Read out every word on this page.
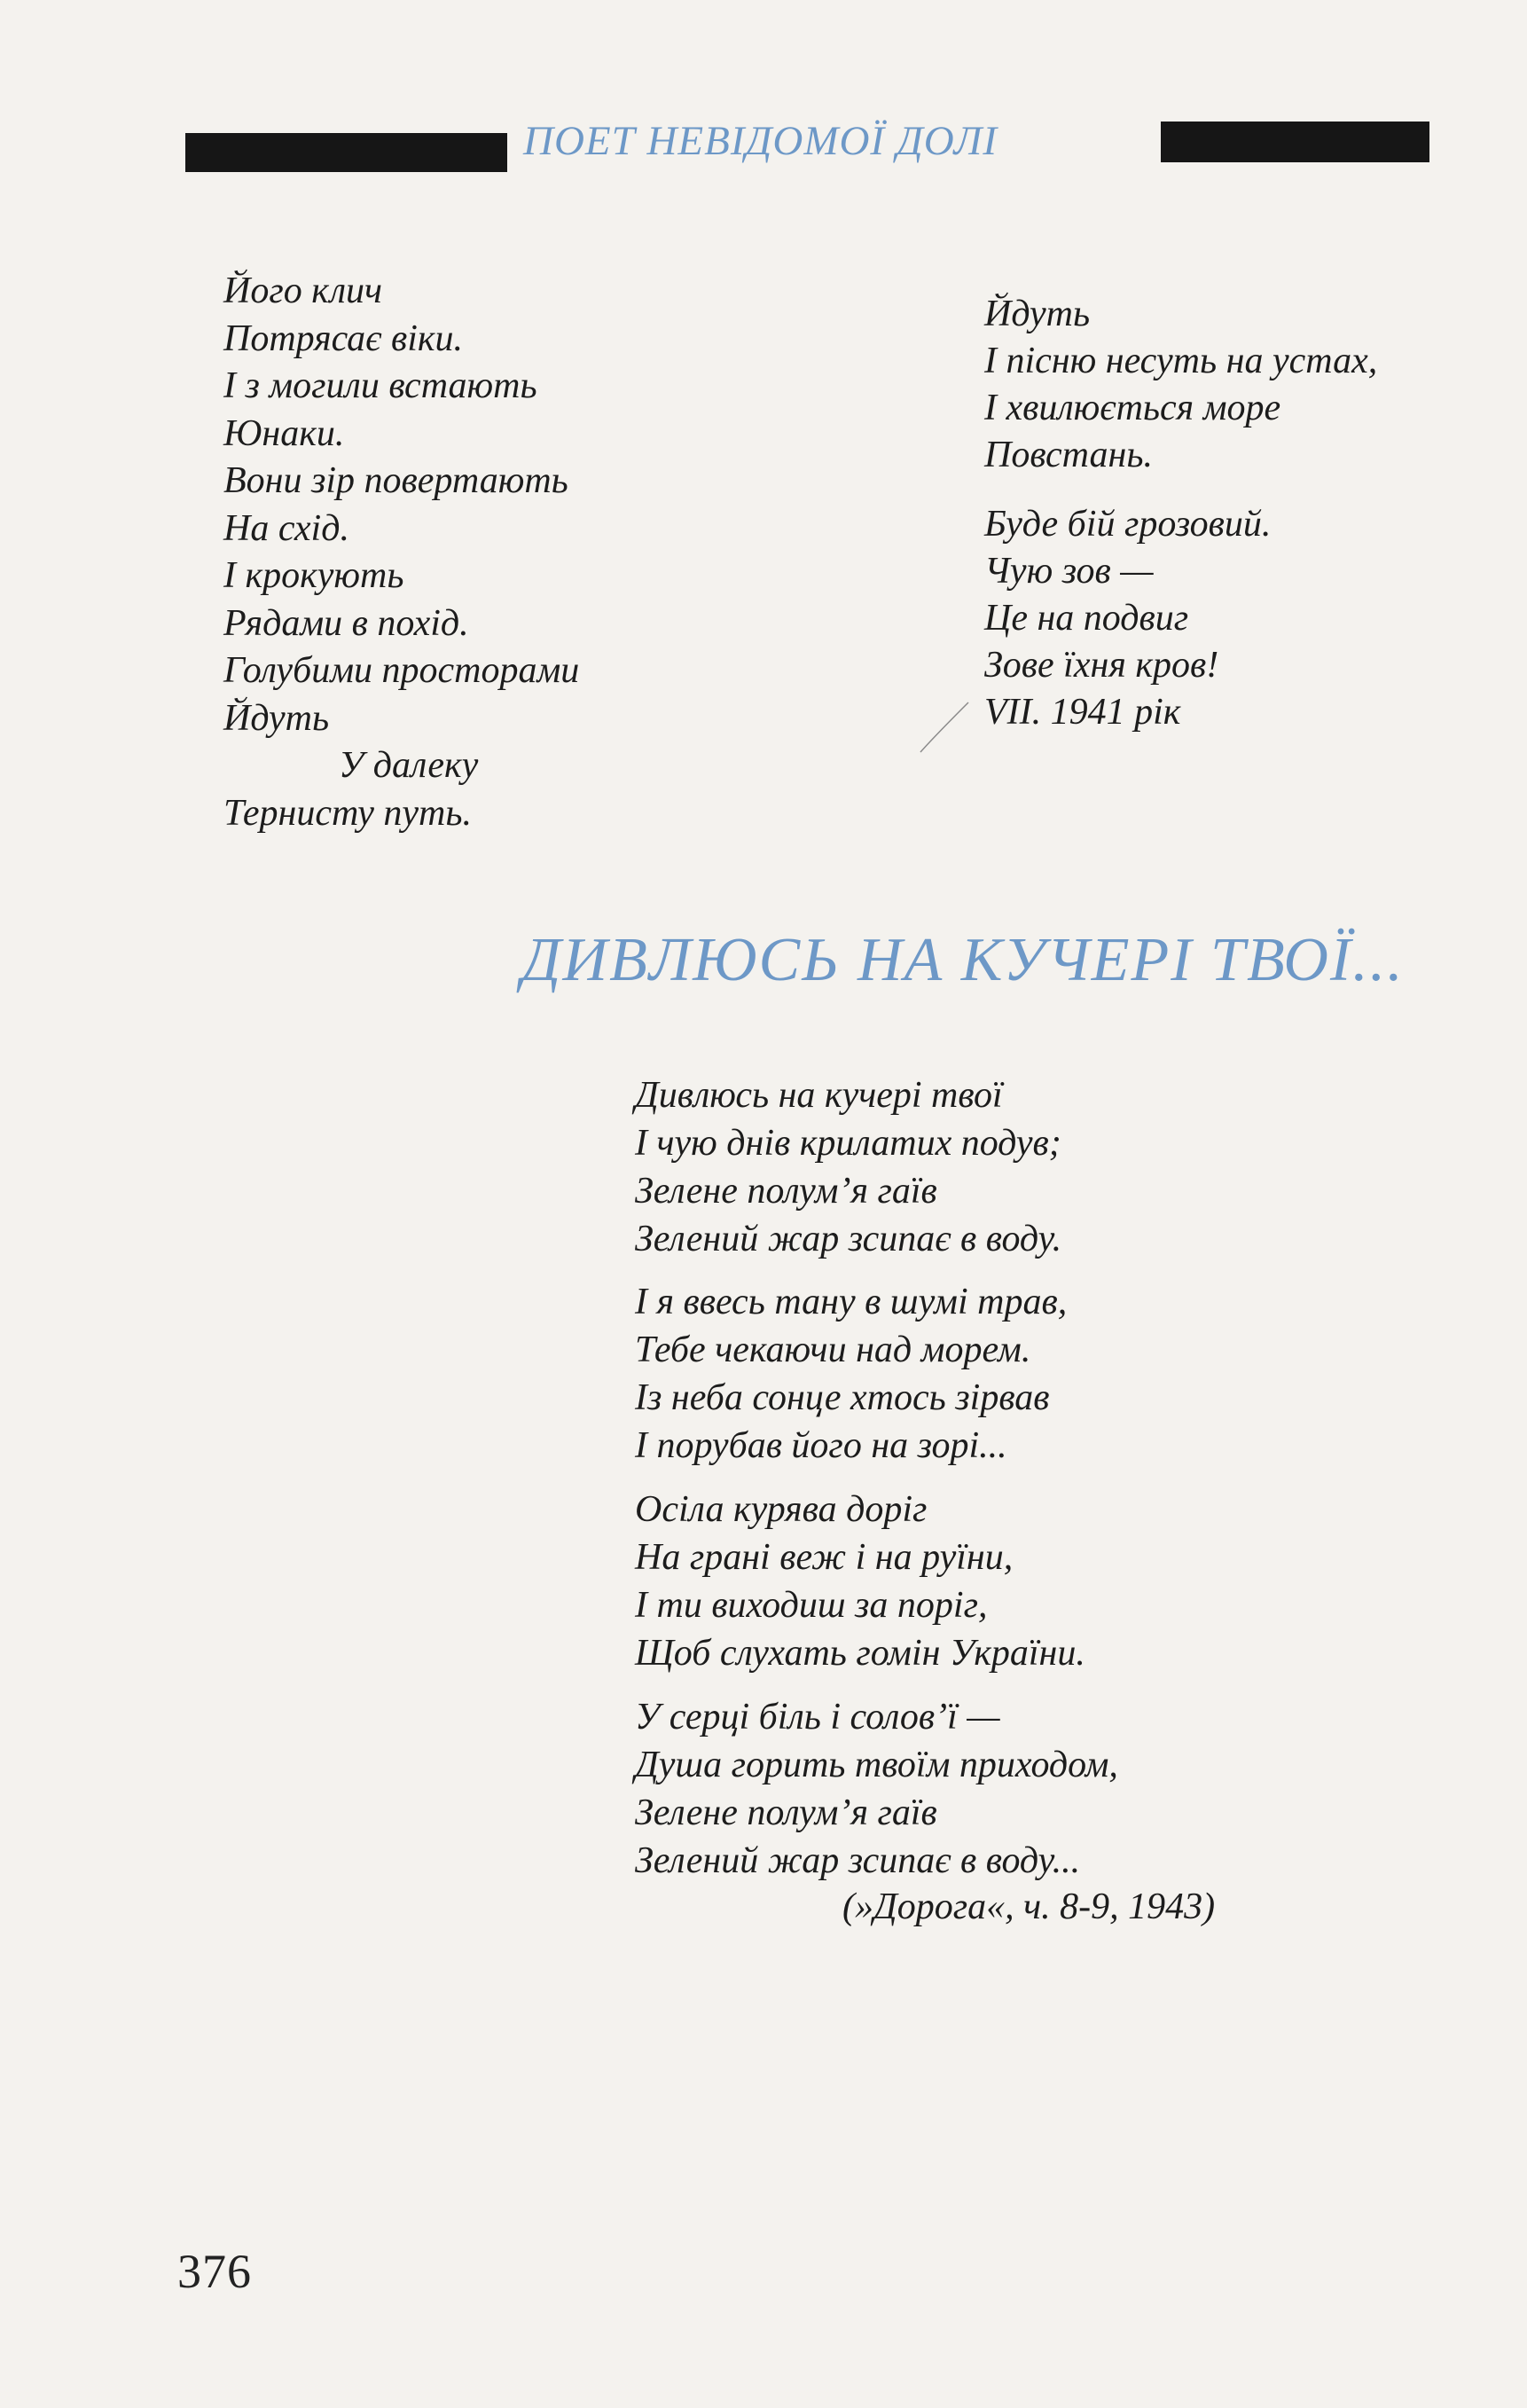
ПОЕТ НЕВІДОМОЇ ДОЛІ
Його клич
Потрясає віки.
І з могили встають
Юнаки.
Вони зір повертають
На схід.
І крокують
Рядами в похід.
Голубими просторами
Йдуть
У далеку
Тернисту путь.
Йдуть
І пісню несуть на устах,
І хвилюється море
Повстань.
Буде бій грозовий.
Чую зов —
Це на подвиг
Зове їхня кров!
VII. 1941 рік
ДИВЛЮСЬ НА КУЧЕРІ ТВОЇ...
Дивлюсь на кучері твої
І чую днів крилатих подув;
Зелене полум’я гаїв
Зелений жар зсипає в воду.
І я ввесь тану в шумі трав,
Тебе чекаючи над морем.
Із неба сонце хтось зірвав
І порубав його на зорі...
Осіла курява доріг
На грані веж і на руїни,
І ти виходиш за поріг,
Щоб слухать гомін України.
У серці біль і солов’ї —
Душа горить твоїм приходом,
Зелене полум’я гаїв
Зелений жар зсипає в воду...
(»Дорога«, ч. 8-9, 1943)
376
